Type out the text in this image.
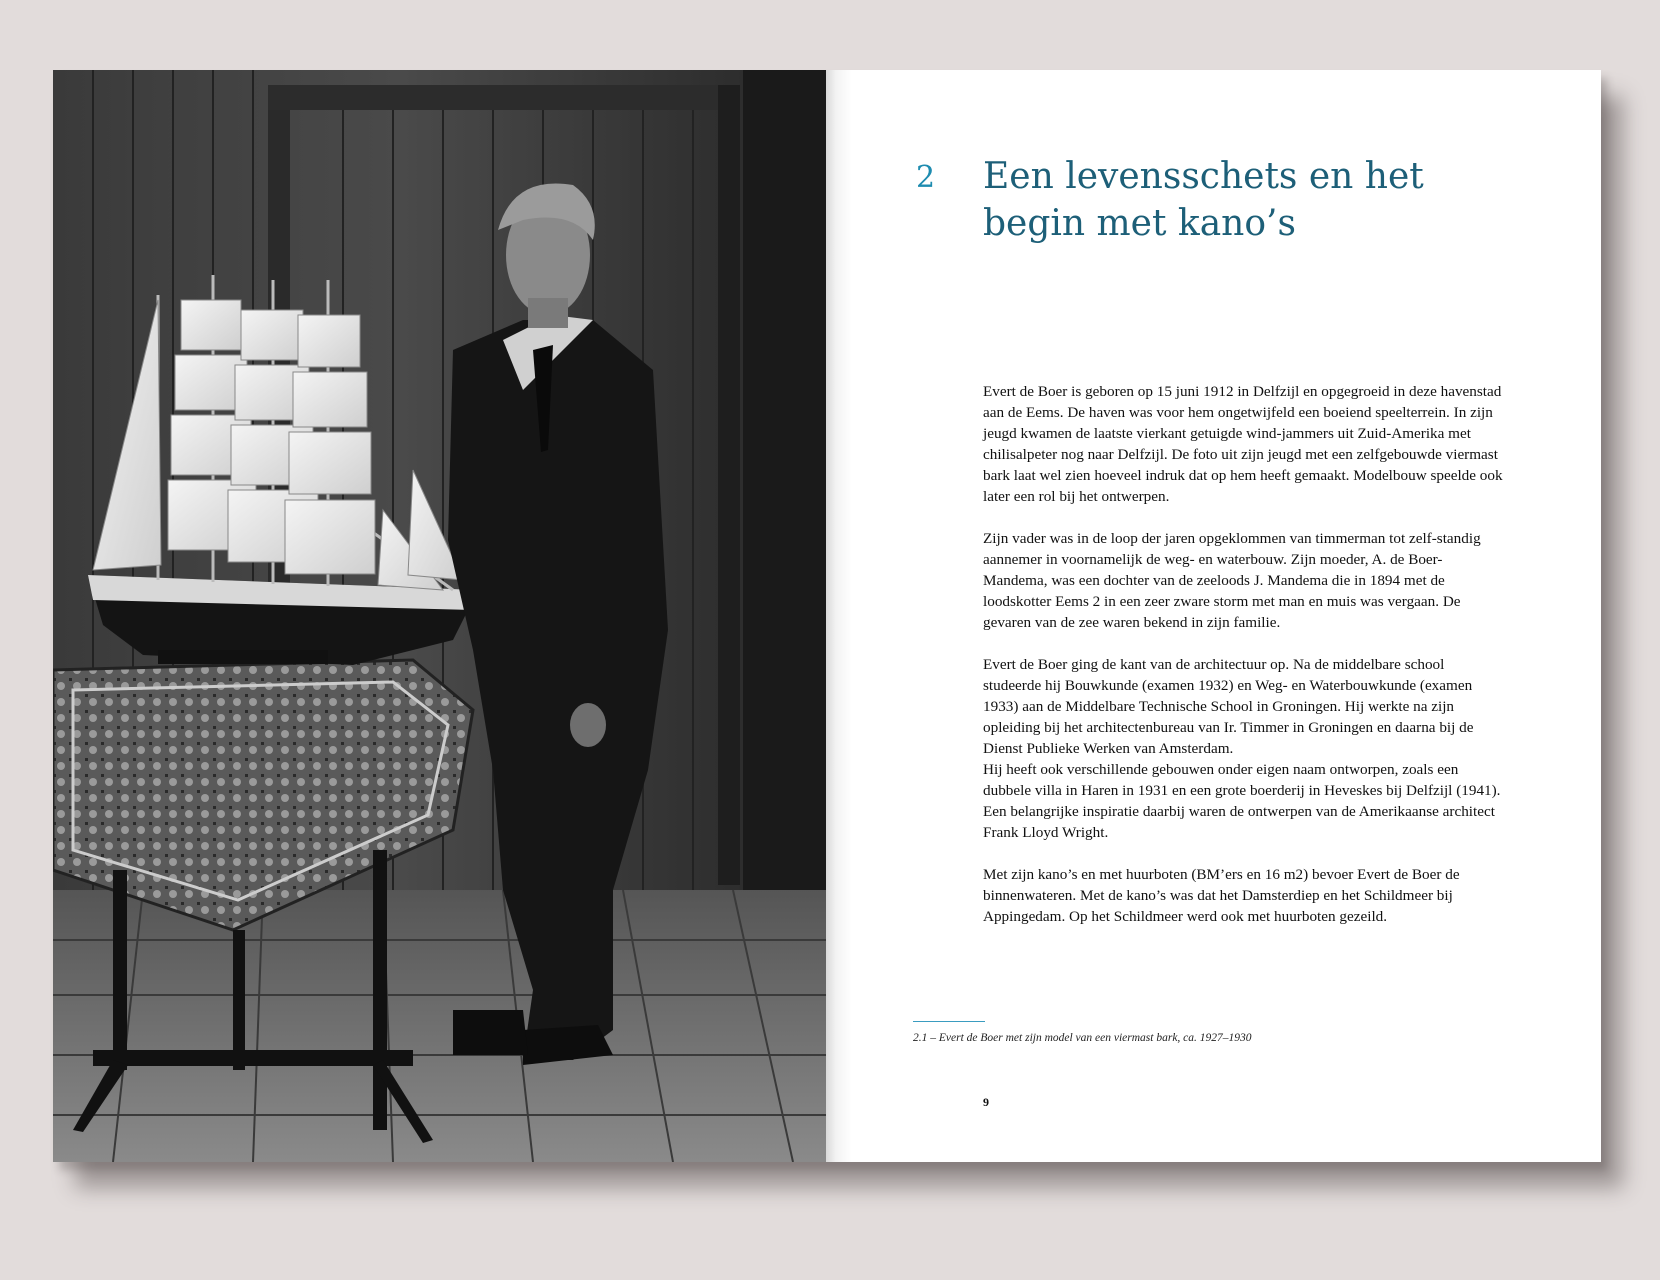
2 Een levensschets en het begin met kano’s

Evert de Boer is geboren op 15 juni 1912 in Delfzijl en opgegroeid in deze havenstad aan de Eems. De haven was voor hem ongetwijfeld een boeiend speelterrein. In zijn jeugd kwamen de laatste vierkant getuigde wind-jammers uit Zuid-Amerika met chilisalpeter nog naar Delfzijl. De foto uit zijn jeugd met een zelfgebouwde viermast bark laat wel zien hoeveel indruk dat op hem heeft gemaakt. Modelbouw speelde ook later een rol bij het ontwerpen.

Zijn vader was in de loop der jaren opgeklommen van timmerman tot zelf-standig aannemer in voornamelijk de weg- en waterbouw. Zijn moeder, A. de Boer-Mandema, was een dochter van de zeeloods J. Mandema die in 1894 met de loodskotter Eems 2 in een zeer zware storm met man en muis was vergaan. De gevaren van de zee waren bekend in zijn familie.

Evert de Boer ging de kant van de architectuur op. Na de middelbare school studeerde hij Bouwkunde (examen 1932) en Weg- en Waterbouwkunde (examen 1933) aan de Middelbare Technische School in Groningen. Hij werkte na zijn opleiding bij het architectenbureau van Ir. Timmer in Groningen en daarna bij de Dienst Publieke Werken van Amsterdam.
Hij heeft ook verschillende gebouwen onder eigen naam ontworpen, zoals een dubbele villa in Haren in 1931 en een grote boerderij in Heveskes bij Delfzijl (1941). Een belangrijke inspiratie daarbij waren de ontwerpen van de Amerikaanse architect Frank Lloyd Wright.

Met zijn kano’s en met huurboten (BM’ers en 16 m2) bevoer Evert de Boer de binnenwateren. Met de kano’s was dat het Damsterdiep en het Schildmeer bij Appingedam. Op het Schildmeer werd ook met huurboten gezeild.

2.1 – Evert de Boer met zijn model van een viermast bark, ca. 1927–1930
9
